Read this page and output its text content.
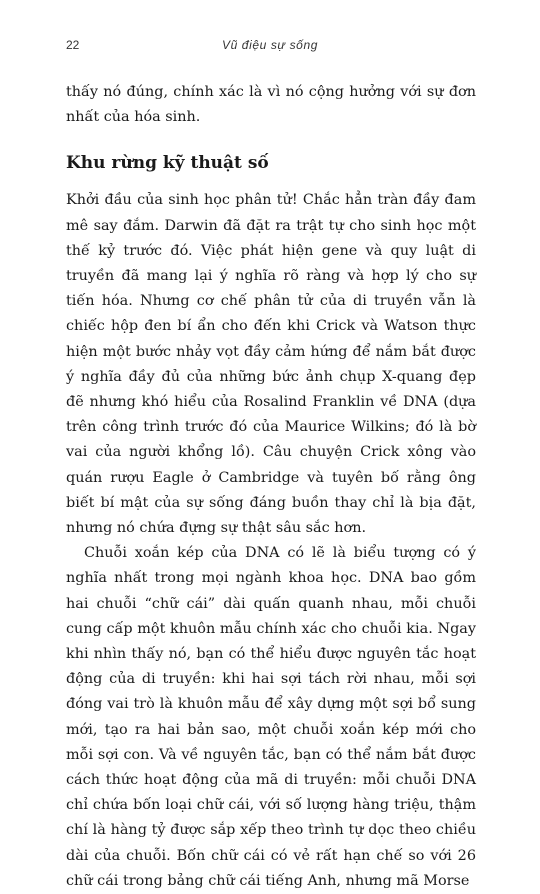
22	Vũ điệu sự sống

thấy nó đúng, chính xác là vì nó cộng hưởng với sự đơn nhất của hóa sinh.

Khu rừng kỹ thuật số

Khởi đầu của sinh học phân tử! Chắc hẳn tràn đầy đam mê say đắm. Darwin đã đặt ra trật tự cho sinh học một thế kỷ trước đó. Việc phát hiện gene và quy luật di truyền đã mang lại ý nghĩa rõ ràng và hợp lý cho sự tiến hóa. Nhưng cơ chế phân tử của di truyền vẫn là chiếc hộp đen bí ẩn cho đến khi Crick và Watson thực hiện một bước nhảy vọt đầy cảm hứng để nắm bắt được ý nghĩa đầy đủ của những bức ảnh chụp X-quang đẹp đẽ nhưng khó hiểu của Rosalind Franklin về DNA (dựa trên công trình trước đó của Maurice Wilkins; đó là bờ vai của người khổng lồ). Câu chuyện Crick xông vào quán rượu Eagle ở Cambridge và tuyên bố rằng ông biết bí mật của sự sống đáng buồn thay chỉ là bịa đặt, nhưng nó chứa đựng sự thật sâu sắc hơn.

Chuỗi xoắn kép của DNA có lẽ là biểu tượng có ý nghĩa nhất trong mọi ngành khoa học. DNA bao gồm hai chuỗi “chữ cái” dài quấn quanh nhau, mỗi chuỗi cung cấp một khuôn mẫu chính xác cho chuỗi kia. Ngay khi nhìn thấy nó, bạn có thể hiểu được nguyên tắc hoạt động của di truyền: khi hai sợi tách rời nhau, mỗi sợi đóng vai trò là khuôn mẫu để xây dựng một sợi bổ sung mới, tạo ra hai bản sao, một chuỗi xoắn kép mới cho mỗi sợi con. Và về nguyên tắc, bạn có thể nắm bắt được cách thức hoạt động của mã di truyền: mỗi chuỗi DNA chỉ chứa bốn loại chữ cái, với số lượng hàng triệu, thậm chí là hàng tỷ được sắp xếp theo trình tự dọc theo chiều dài của chuỗi. Bốn chữ cái có vẻ rất hạn chế so với 26 chữ cái trong bảng chữ cái tiếng Anh, nhưng mã Morse
